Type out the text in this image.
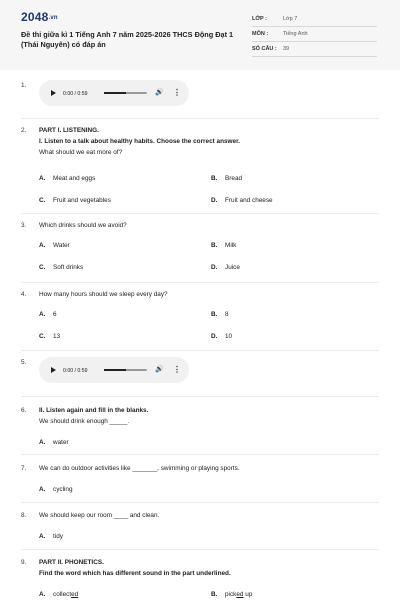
2048.vn
Đề thi giữa kì 1 Tiếng Anh 7 năm 2025-2026 THCS Động Đạt 1 (Thái Nguyên) có đáp án
LỚP :	Lớp 7
MÔN :	Tiếng Anh
SỐ CÂU : 39
1.
0:00 / 0:59	🔊 ⋮
2. PART I. LISTENING.
I. Listen to a talk about healthy habits. Choose the correct answer.
What should we eat more of?
A. Meat and eggs	B. Bread
C. Fruit and vegetables	D. Fruit and cheese
3. Which drinks should we avoid?
A. Water	B. Milk
C. Soft drinks	D. Juice
4. How many hours should we sleep every day?
A. 6	B. 8
C. 13	D. 10
5.
0:00 / 0:59	🔊 ⋮
6. II. Listen again and fill in the blanks.
We should drink enough _____.
A. water
7. We can do outdoor activities like _______, swimming or playing sports.
A. cycling
8. We should keep our room ____ and clean.
A. tidy
9. PART II. PHONETICS.
Find the word which has different sound in the part underlined.
A. collected	B. picked up
